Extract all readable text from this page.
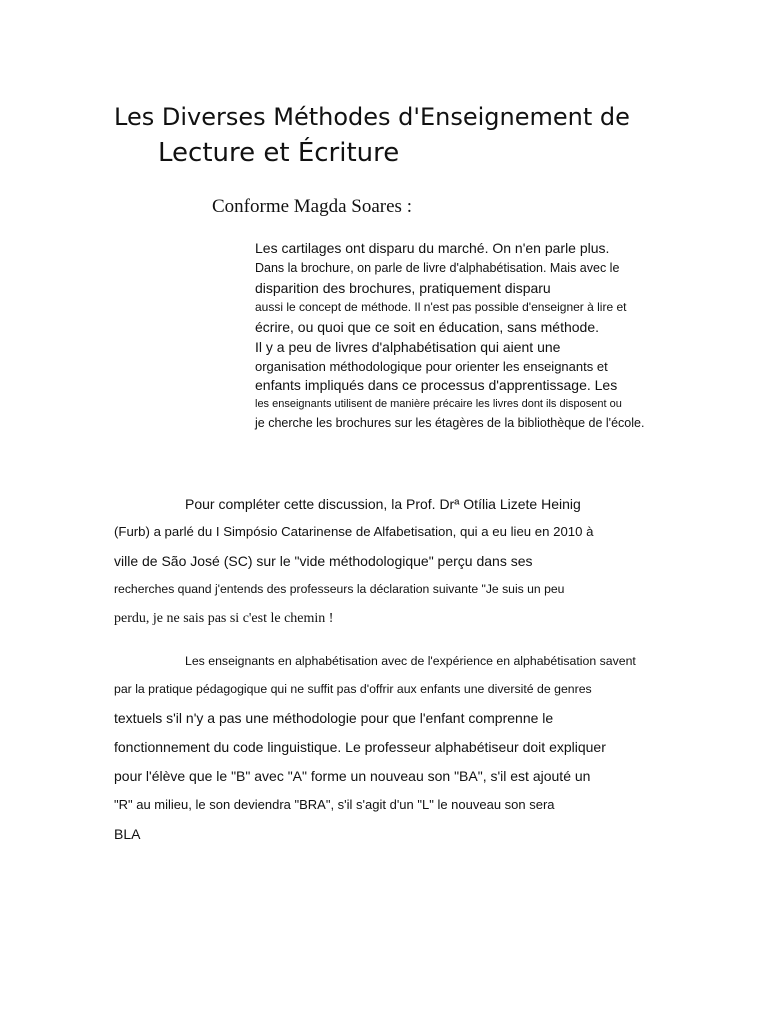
Les Diverses Méthodes d'Enseignement de
Lecture et Écriture
Conforme Magda Soares :
Les cartilages ont disparu du marché. On n'en parle plus.
Dans la brochure, on parle de livre d'alphabétisation. Mais avec le
disparition des brochures, pratiquement disparu
aussi le concept de méthode. Il n'est pas possible d'enseigner à lire et
écrire, ou quoi que ce soit en éducation, sans méthode.
Il y a peu de livres d'alphabétisation qui aient une
organisation méthodologique pour orienter les enseignants et
enfants impliqués dans ce processus d'apprentissage. Les
les enseignants utilisent de manière précaire les livres dont ils disposent ou
je cherche les brochures sur les étagères de la bibliothèque de l'école.
Pour compléter cette discussion, la Prof. Drª Otília Lizete Heinig
(Furb) a parlé du I Simpósio Catarinense de Alfabetisation, qui a eu lieu en 2010 à
ville de São José (SC) sur le "vide méthodologique" perçu dans ses
recherches quand j'entends des professeurs la déclaration suivante "Je suis un peu
perdu, je ne sais pas si c'est le chemin !
Les enseignants en alphabétisation avec de l'expérience en alphabétisation savent
par la pratique pédagogique qui ne suffit pas d'offrir aux enfants une diversité de genres
textuels s'il n'y a pas une méthodologie pour que l'enfant comprenne le
fonctionnement du code linguistique. Le professeur alphabétiseur doit expliquer
pour l'élève que le "B" avec "A" forme un nouveau son "BA", s'il est ajouté un
"R" au milieu, le son deviendra "BRA", s'il s'agit d'un "L" le nouveau son sera
BLA
